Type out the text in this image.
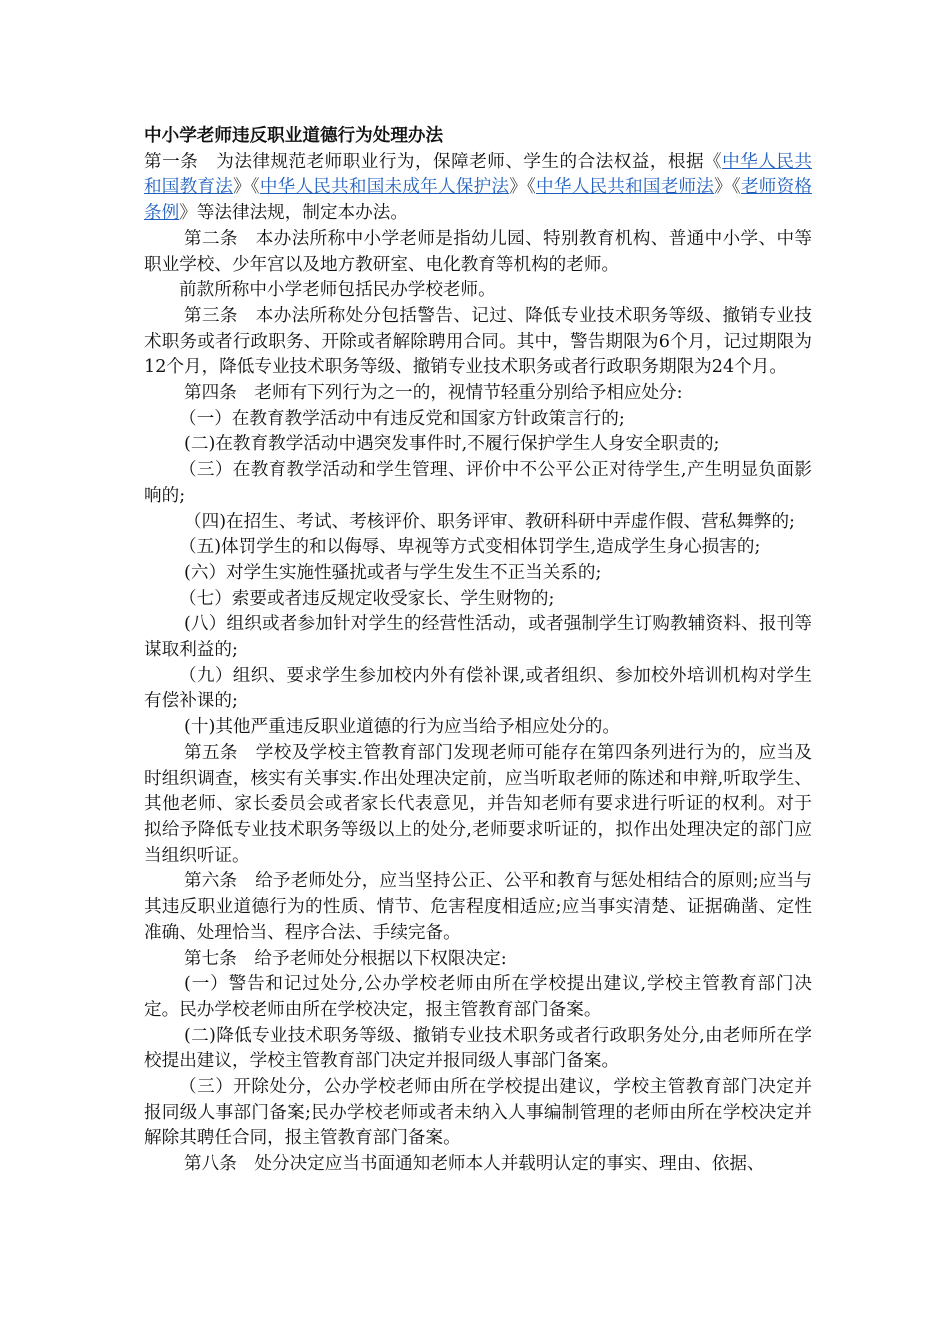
中小学老师违反职业道德行为处理办法

第一条　为法律规范老师职业行为，保障老师、学生的合法权益，根据《中华人民共和国教育法》《中华人民共和国未成年人保护法》《中华人民共和国老师法》《老师资格条例》等法律法规，制定本办法。

第二条　本办法所称中小学老师是指幼儿园、特别教育机构、普通中小学、中等职业学校、少年宫以及地方教研室、电化教育等机构的老师。

前款所称中小学老师包括民办学校老师。

第三条　本办法所称处分包括警告、记过、降低专业技术职务等级、撤销专业技术职务或者行政职务、开除或者解除聘用合同。其中，警告期限为6个月，记过期限为12个月，降低专业技术职务等级、撤销专业技术职务或者行政职务期限为24个月。

第四条　老师有下列行为之一的，视情节轻重分别给予相应处分:

（一）在教育教学活动中有违反党和国家方针政策言行的;

(二)在教育教学活动中遇突发事件时,不履行保护学生人身安全职责的;

（三）在教育教学活动和学生管理、评价中不公平公正对待学生,产生明显负面影响的;

（四)在招生、考试、考核评价、职务评审、教研科研中弄虚作假、营私舞弊的;

（五)体罚学生的和以侮辱、卑视等方式变相体罚学生,造成学生身心损害的;

(六）对学生实施性骚扰或者与学生发生不正当关系的;

（七）索要或者违反规定收受家长、学生财物的;

(八）组织或者参加针对学生的经营性活动，或者强制学生订购教辅资料、报刊等谋取利益的;

（九）组织、要求学生参加校内外有偿补课,或者组织、参加校外培训机构对学生有偿补课的;

(十)其他严重违反职业道德的行为应当给予相应处分的。

第五条　学校及学校主管教育部门发现老师可能存在第四条列进行为的，应当及时组织调查，核实有关事实.作出处理决定前，应当听取老师的陈述和申辩,听取学生、其他老师、家长委员会或者家长代表意见，并告知老师有要求进行听证的权利。对于拟给予降低专业技术职务等级以上的处分,老师要求听证的，拟作出处理决定的部门应当组织听证。

第六条　给予老师处分，应当坚持公正、公平和教育与惩处相结合的原则;应当与其违反职业道德行为的性质、情节、危害程度相适应;应当事实清楚、证据确凿、定性准确、处理恰当、程序合法、手续完备。

第七条　给予老师处分根据以下权限决定:

(一）警告和记过处分,公办学校老师由所在学校提出建议,学校主管教育部门决定。民办学校老师由所在学校决定，报主管教育部门备案。

(二)降低专业技术职务等级、撤销专业技术职务或者行政职务处分,由老师所在学校提出建议，学校主管教育部门决定并报同级人事部门备案。

（三）开除处分，公办学校老师由所在学校提出建议，学校主管教育部门决定并报同级人事部门备案;民办学校老师或者未纳入人事编制管理的老师由所在学校决定并解除其聘任合同，报主管教育部门备案。

第八条　处分决定应当书面通知老师本人并载明认定的事实、理由、依据、
